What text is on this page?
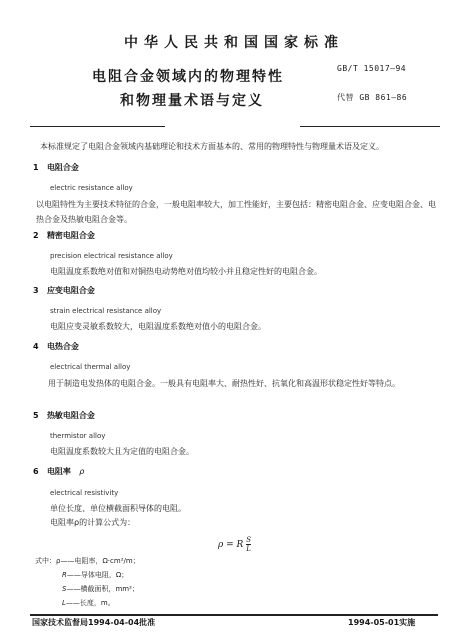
中华人民共和国国家标准
电阻合金领域内的物理特性
和物理量术语与定义
GB/T 15017—94
代替 GB 861—86
本标准规定了电阻合金领域内基础理论和技术方面基本的、常用的物理特性与物理量术语及定义。
1 电阻合金
electric resistance alloy
以电阻特性为主要技术特征的合金，一般电阻率较大，加工性能好，主要包括：精密电阻合金、应变电阻合金、电热合金及热敏电阻合金等。
2 精密电阻合金
precision electrical resistance alloy
电阻温度系数绝对值和对铜热电动势绝对值均较小并且稳定性好的电阻合金。
3 应变电阻合金
strain electrical resistance alloy
电阻应变灵敏系数较大，电阻温度系数绝对值小的电阻合金。
4 电热合金
electrical thermal alloy
用于制造电发热体的电阻合金。一般具有电阻率大、耐热性好、抗氧化和高温形状稳定性好等特点。
5 热敏电阻合金
thermistor alloy
电阻温度系数较大且为定值的电阻合金。
6 电阻率 ρ
electrical resistivity
单位长度、单位横截面积导体的电阻。
电阻率ρ的计算公式为：
ρ = R $\frac{S}{L}$
式中：ρ——电阻率，Ω·cm²/m；
R——导体电阻，Ω；
S——横截面积，mm²；
L——长度，m。
国家技术监督局1994-04-04批准	1994-05-01实施
